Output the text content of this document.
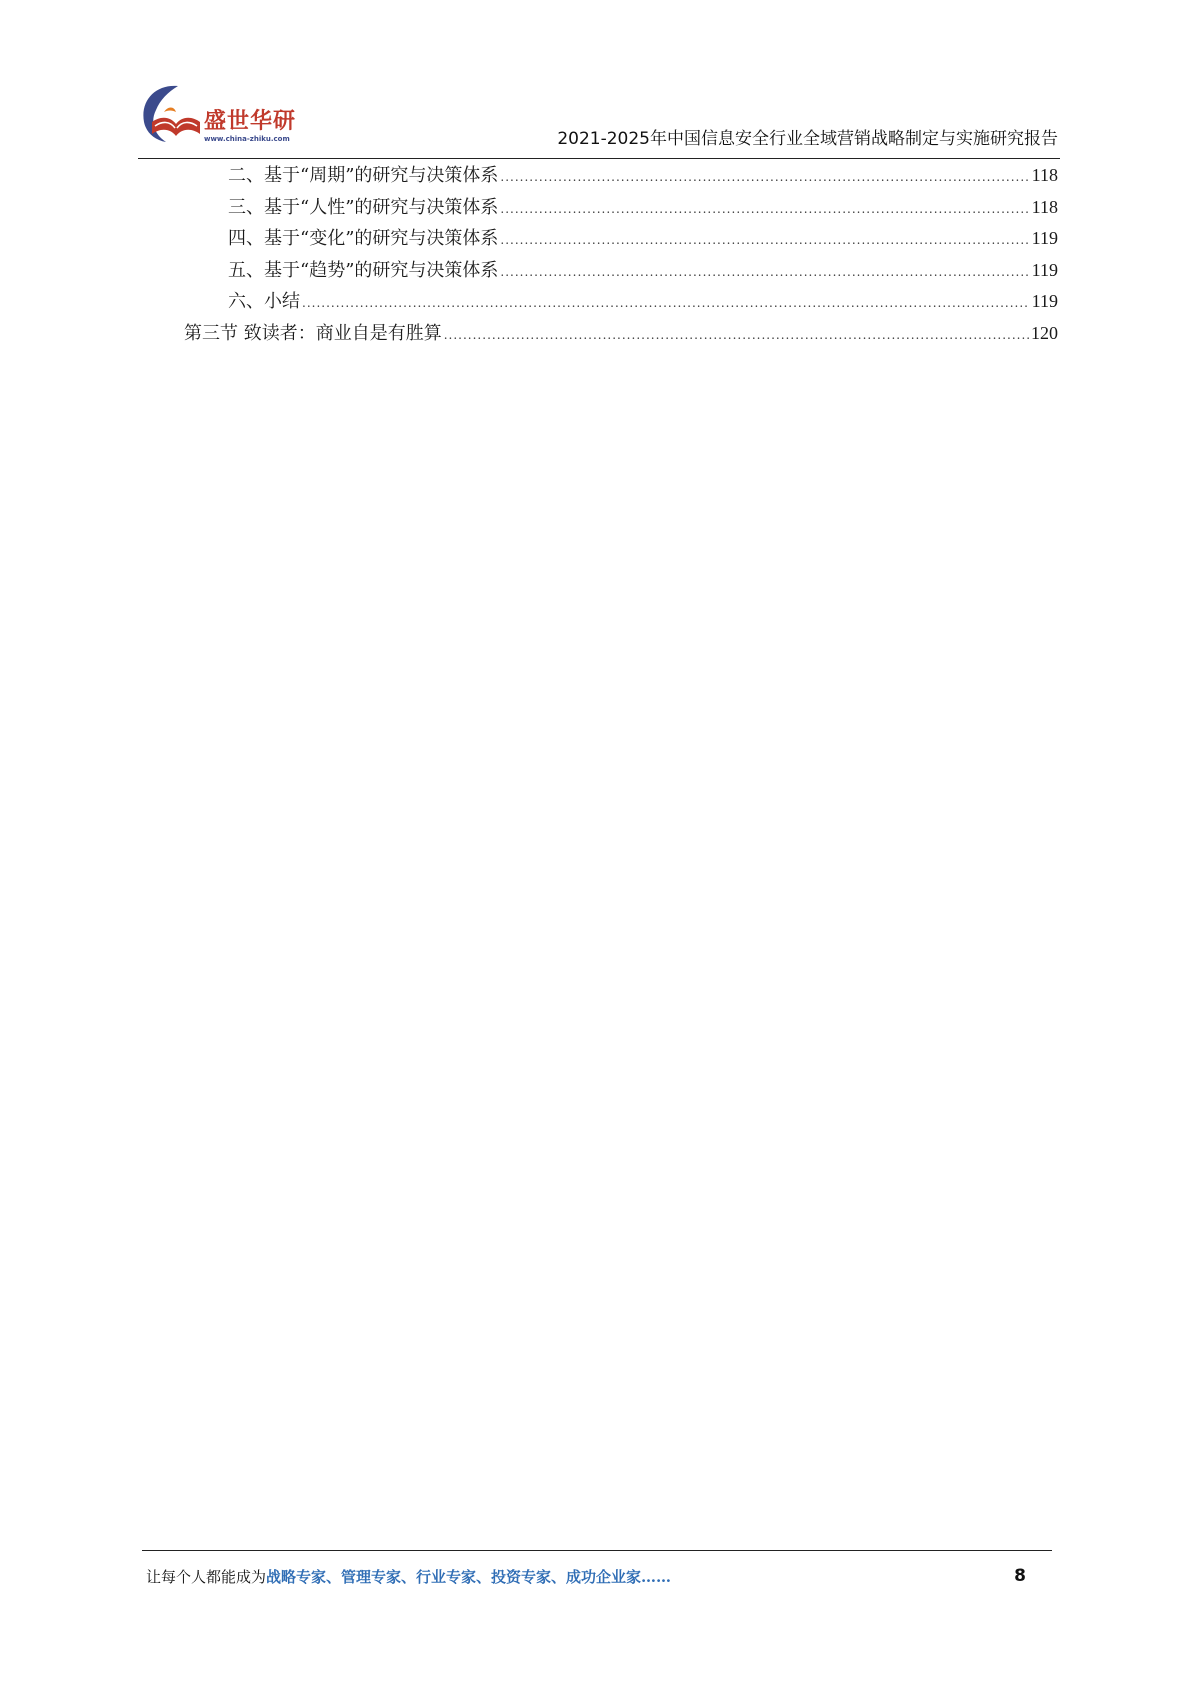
盛世华研
www.china-zhiku.com	2021-2025年中国信息安全行业全域营销战略制定与实施研究报告
二、基于“周期”的研究与决策体系 .....	118
三、基于“人性”的研究与决策体系 .....	118
四、基于“变化”的研究与决策体系 .....	119
五、基于“趋势”的研究与决策体系 .....	119
六、小结 .....	119
第三节 致读者：商业自是有胜算 .....	120
让每个人都能成为战略专家、管理专家、行业专家、投资专家、成功企业家……	8
